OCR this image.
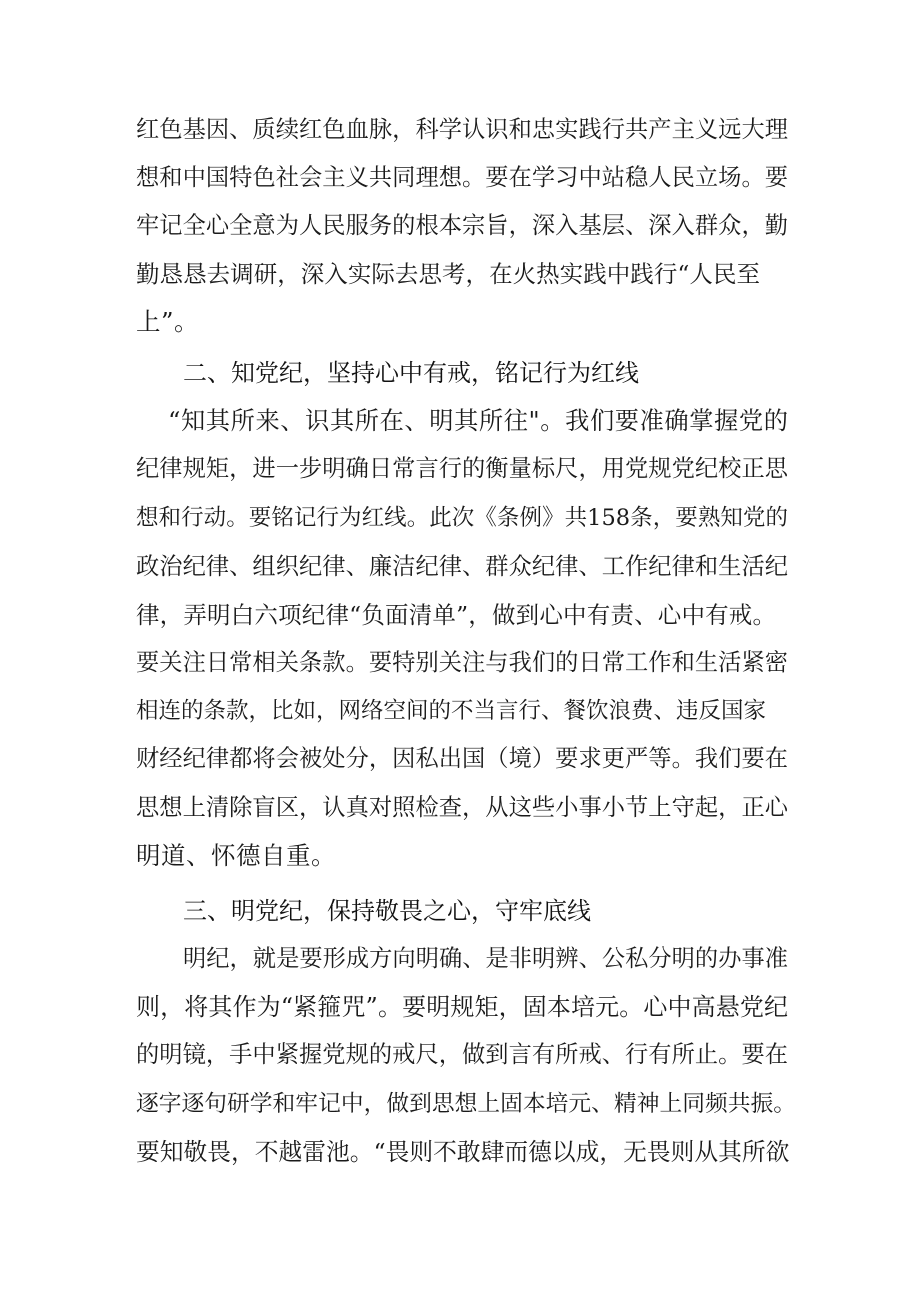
红色基因、质续红色血脉，科学认识和忠实践行共产主义远大理
想和中国特色社会主义共同理想。要在学习中站稳人民立场。要
牢记全心全意为人民服务的根本宗旨，深入基层、深入群众，勤
勤恳恳去调研，深入实际去思考，在火热实践中践行“人民至
上”。
二、知党纪，坚持心中有戒，铭记行为红线
“知其所来、识其所在、明其所往"。我们要准确掌握党的
纪律规矩，进一步明确日常言行的衡量标尺，用党规党纪校正思
想和行动。要铭记行为红线。此次《条例》共158条，要熟知党的
政治纪律、组织纪律、廉洁纪律、群众纪律、工作纪律和生活纪
律，弄明白六项纪律“负面清单”，做到心中有责、心中有戒。
要关注日常相关条款。要特别关注与我们的日常工作和生活紧密
相连的条款，比如，网络空间的不当言行、餐饮浪费、违反国家
财经纪律都将会被处分，因私出国（境）要求更严等。我们要在
思想上清除盲区，认真对照检查，从这些小事小节上守起，正心
明道、怀德自重。
三、明党纪，保持敬畏之心，守牢底线
明纪，就是要形成方向明确、是非明辨、公私分明的办事准
则，将其作为“紧箍咒”。要明规矩，固本培元。心中高悬党纪
的明镜，手中紧握党规的戒尺，做到言有所戒、行有所止。要在
逐字逐句研学和牢记中，做到思想上固本培元、精神上同频共振。
要知敬畏，不越雷池。“畏则不敢肆而德以成，无畏则从其所欲
